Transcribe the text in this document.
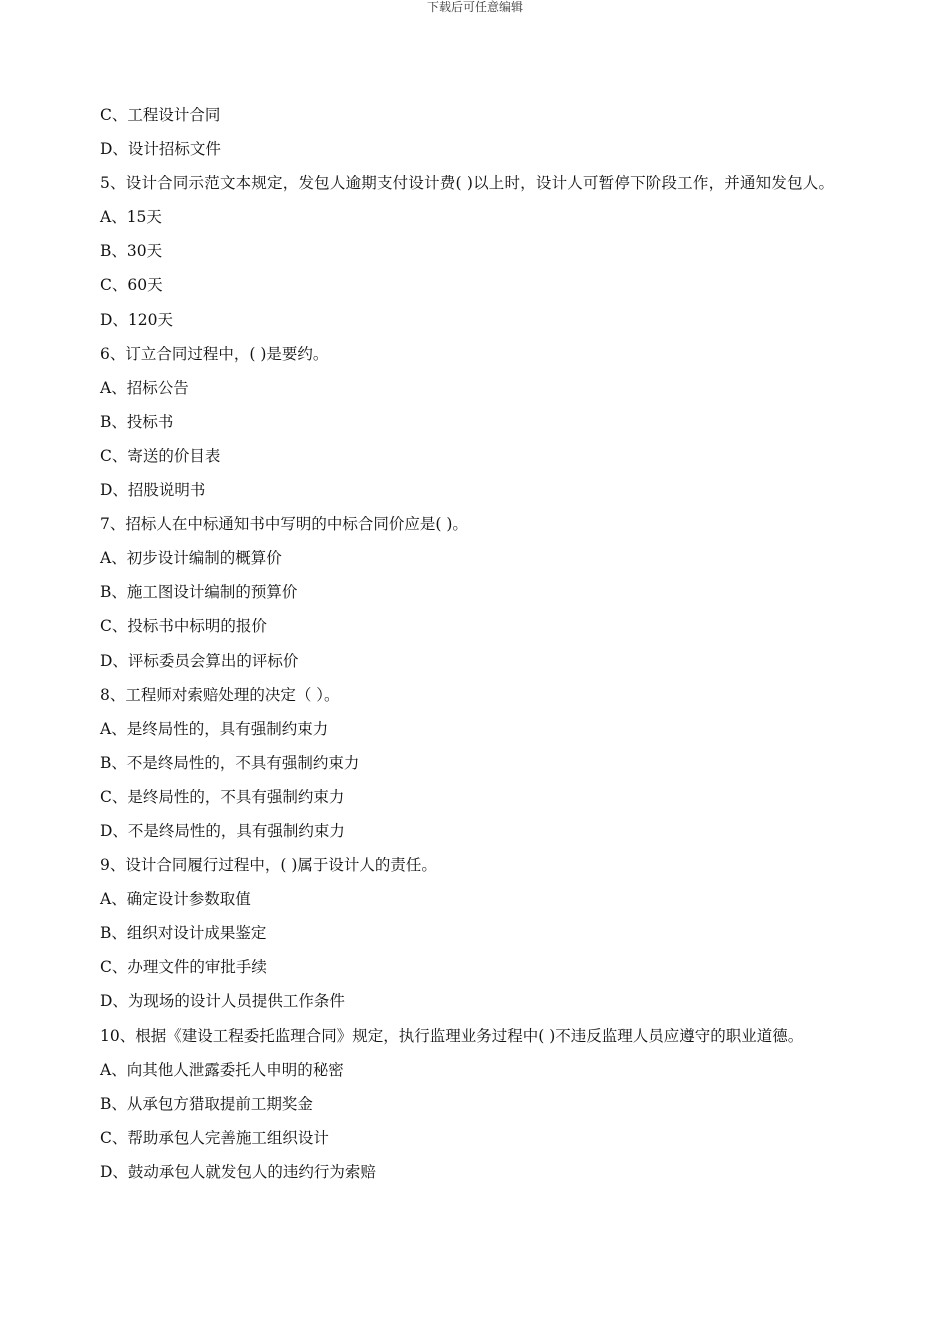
下载后可任意编辑
C、工程设计合同
D、设计招标文件
5、设计合同示范文本规定，发包人逾期支付设计费( )以上时，设计人可暂停下阶段工作，并通知发包人。
A、15天
B、30天
C、60天
D、120天
6、订立合同过程中，( )是要约。
A、招标公告
B、投标书
C、寄送的价目表
D、招股说明书
7、招标人在中标通知书中写明的中标合同价应是( )。
A、初步设计编制的概算价
B、施工图设计编制的预算价
C、投标书中标明的报价
D、评标委员会算出的评标价
8、工程师对索赔处理的决定（ ）。
A、是终局性的，具有强制约束力
B、不是终局性的，不具有强制约束力
C、是终局性的，不具有强制约束力
D、不是终局性的，具有强制约束力
9、设计合同履行过程中，( )属于设计人的责任。
A、确定设计参数取值
B、组织对设计成果鉴定
C、办理文件的审批手续
D、为现场的设计人员提供工作条件
10、根据《建设工程委托监理合同》规定，执行监理业务过程中( )不违反监理人员应遵守的职业道德。
A、向其他人泄露委托人申明的秘密
B、从承包方猎取提前工期奖金
C、帮助承包人完善施工组织设计
D、鼓动承包人就发包人的违约行为索赔
